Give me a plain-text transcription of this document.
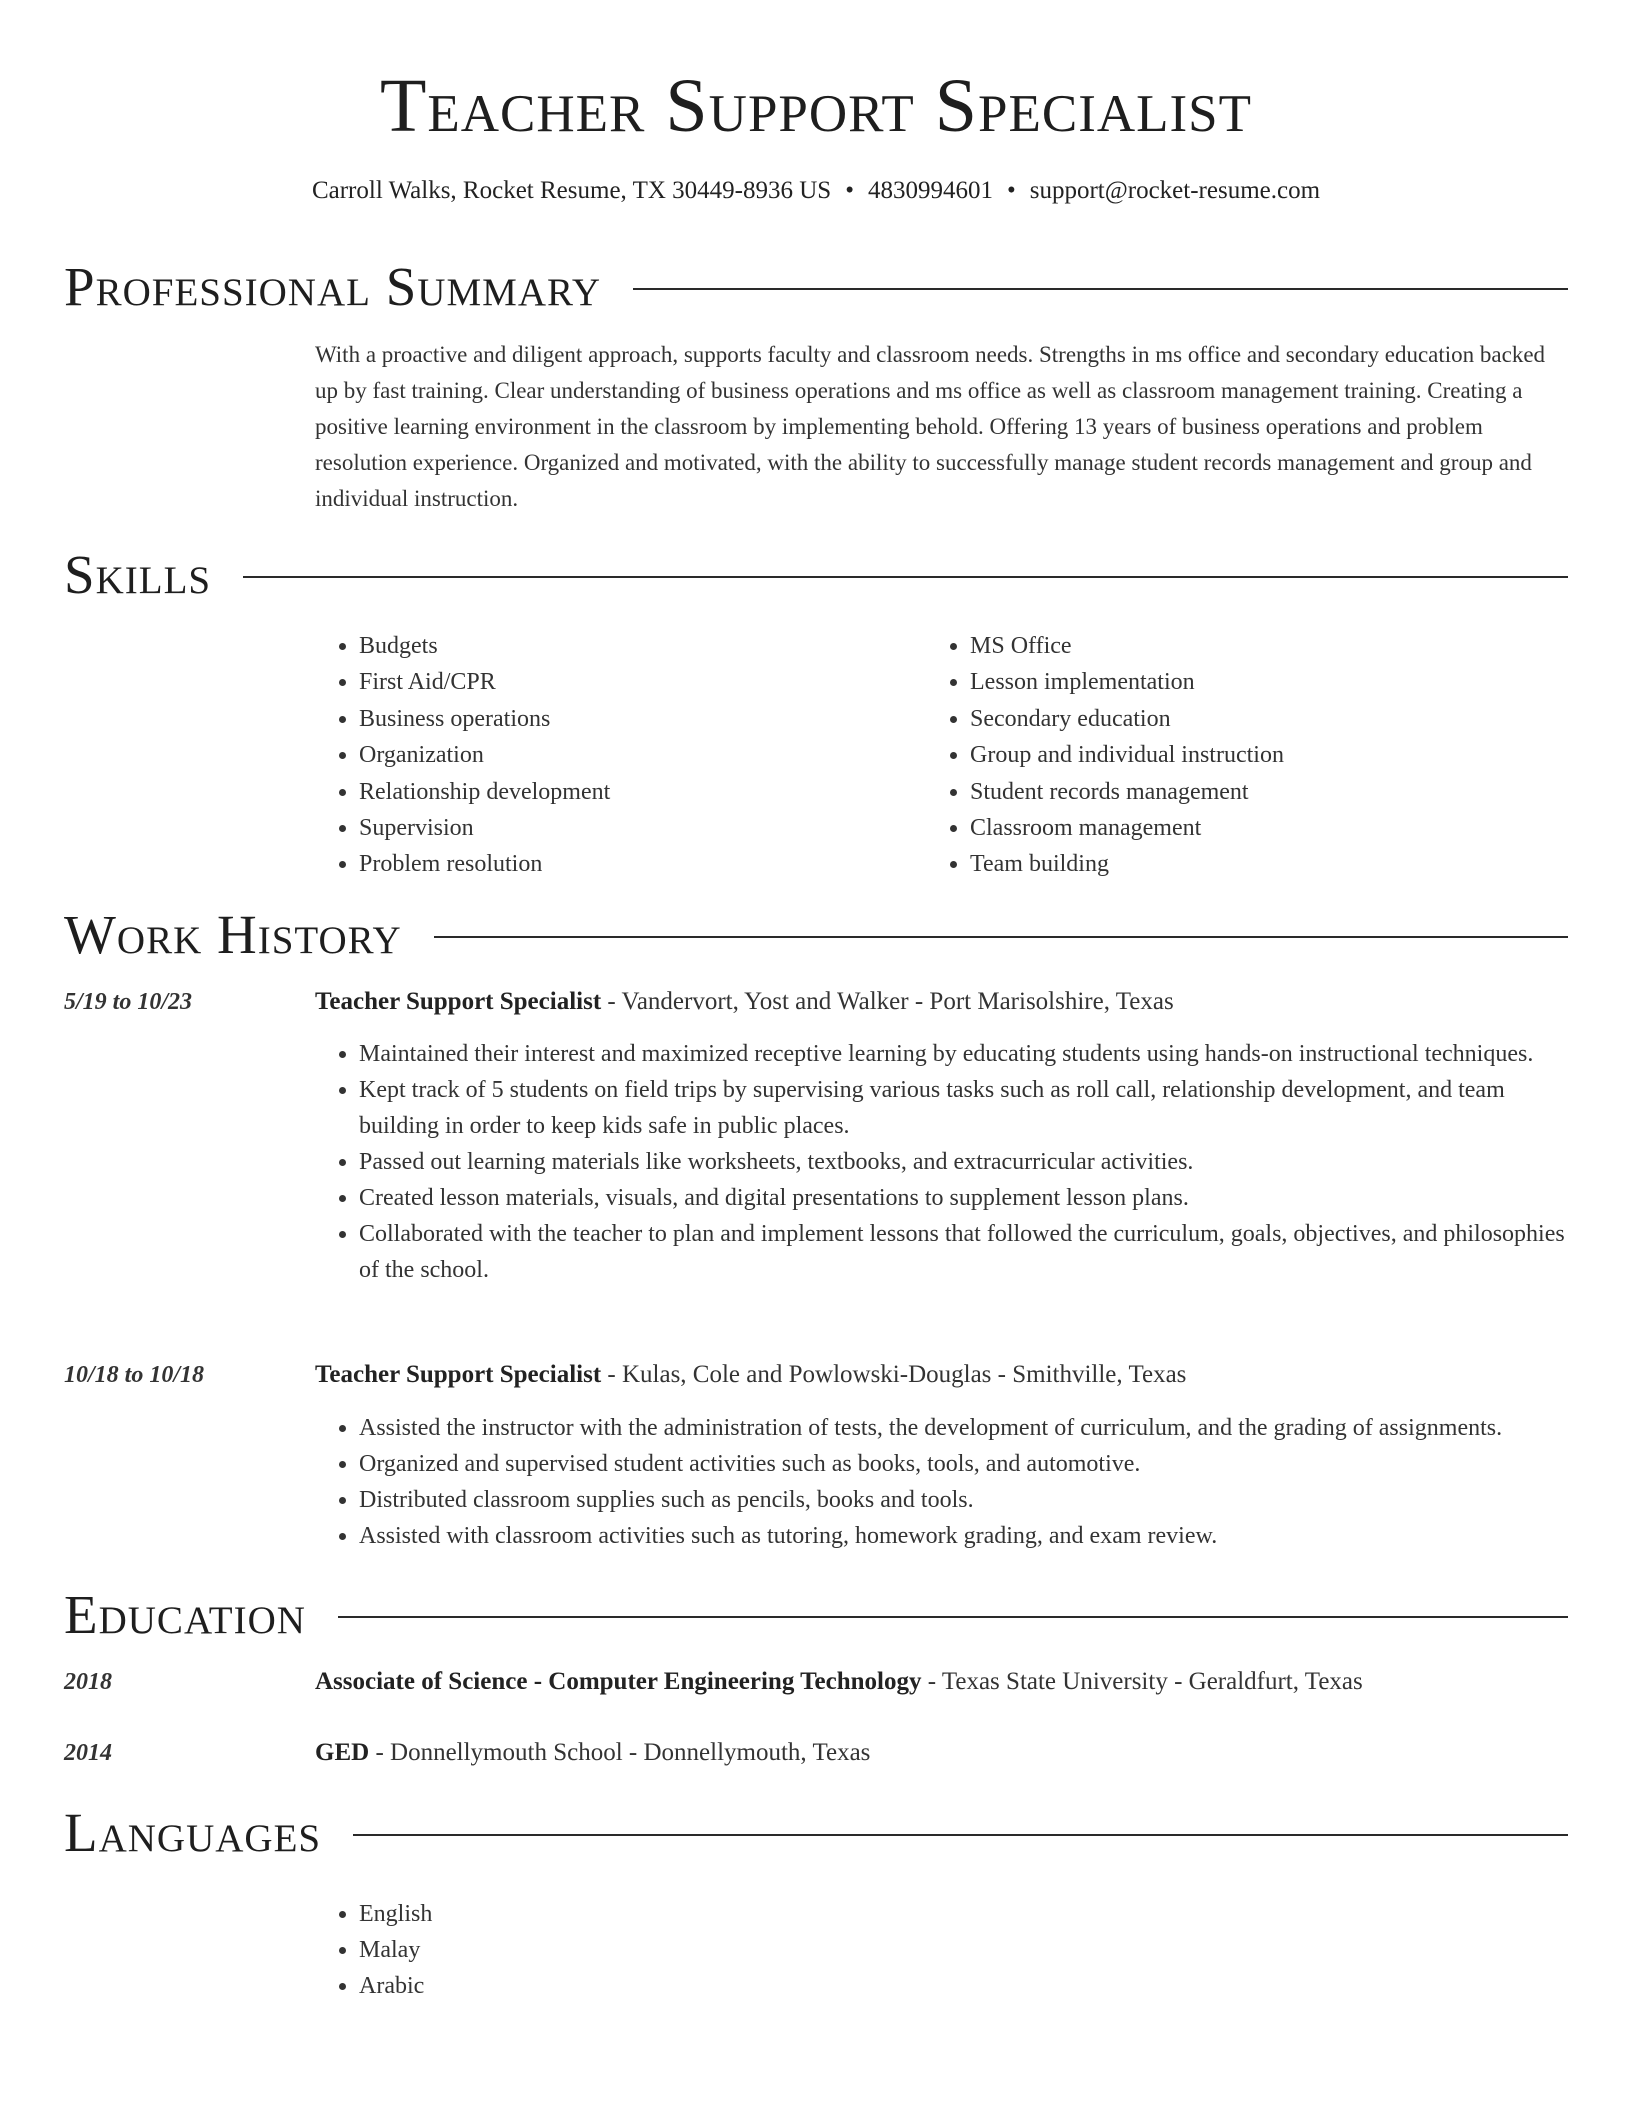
Teacher Support Specialist
Carroll Walks, Rocket Resume, TX 30449-8936 US • 4830994601 • support@rocket-resume.com
Professional Summary
With a proactive and diligent approach, supports faculty and classroom needs. Strengths in ms office and secondary education backed up by fast training. Clear understanding of business operations and ms office as well as classroom management training. Creating a positive learning environment in the classroom by implementing behold. Offering 13 years of business operations and problem resolution experience. Organized and motivated, with the ability to successfully manage student records management and group and individual instruction.
Skills
• Budgets
• First Aid/CPR
• Business operations
• Organization
• Relationship development
• Supervision
• Problem resolution
• MS Office
• Lesson implementation
• Secondary education
• Group and individual instruction
• Student records management
• Classroom management
• Team building
Work History
5/19 to 10/23	Teacher Support Specialist - Vandervort, Yost and Walker - Port Marisolshire, Texas
• Maintained their interest and maximized receptive learning by educating students using hands-on instructional techniques.
• Kept track of 5 students on field trips by supervising various tasks such as roll call, relationship development, and team building in order to keep kids safe in public places.
• Passed out learning materials like worksheets, textbooks, and extracurricular activities.
• Created lesson materials, visuals, and digital presentations to supplement lesson plans.
• Collaborated with the teacher to plan and implement lessons that followed the curriculum, goals, objectives, and philosophies of the school.
10/18 to 10/18	Teacher Support Specialist - Kulas, Cole and Powlowski-Douglas - Smithville, Texas
• Assisted the instructor with the administration of tests, the development of curriculum, and the grading of assignments.
• Organized and supervised student activities such as books, tools, and automotive.
• Distributed classroom supplies such as pencils, books and tools.
• Assisted with classroom activities such as tutoring, homework grading, and exam review.
Education
2018	Associate of Science - Computer Engineering Technology - Texas State University - Geraldfurt, Texas
2014	GED - Donnellymouth School - Donnellymouth, Texas
Languages
• English
• Malay
• Arabic
